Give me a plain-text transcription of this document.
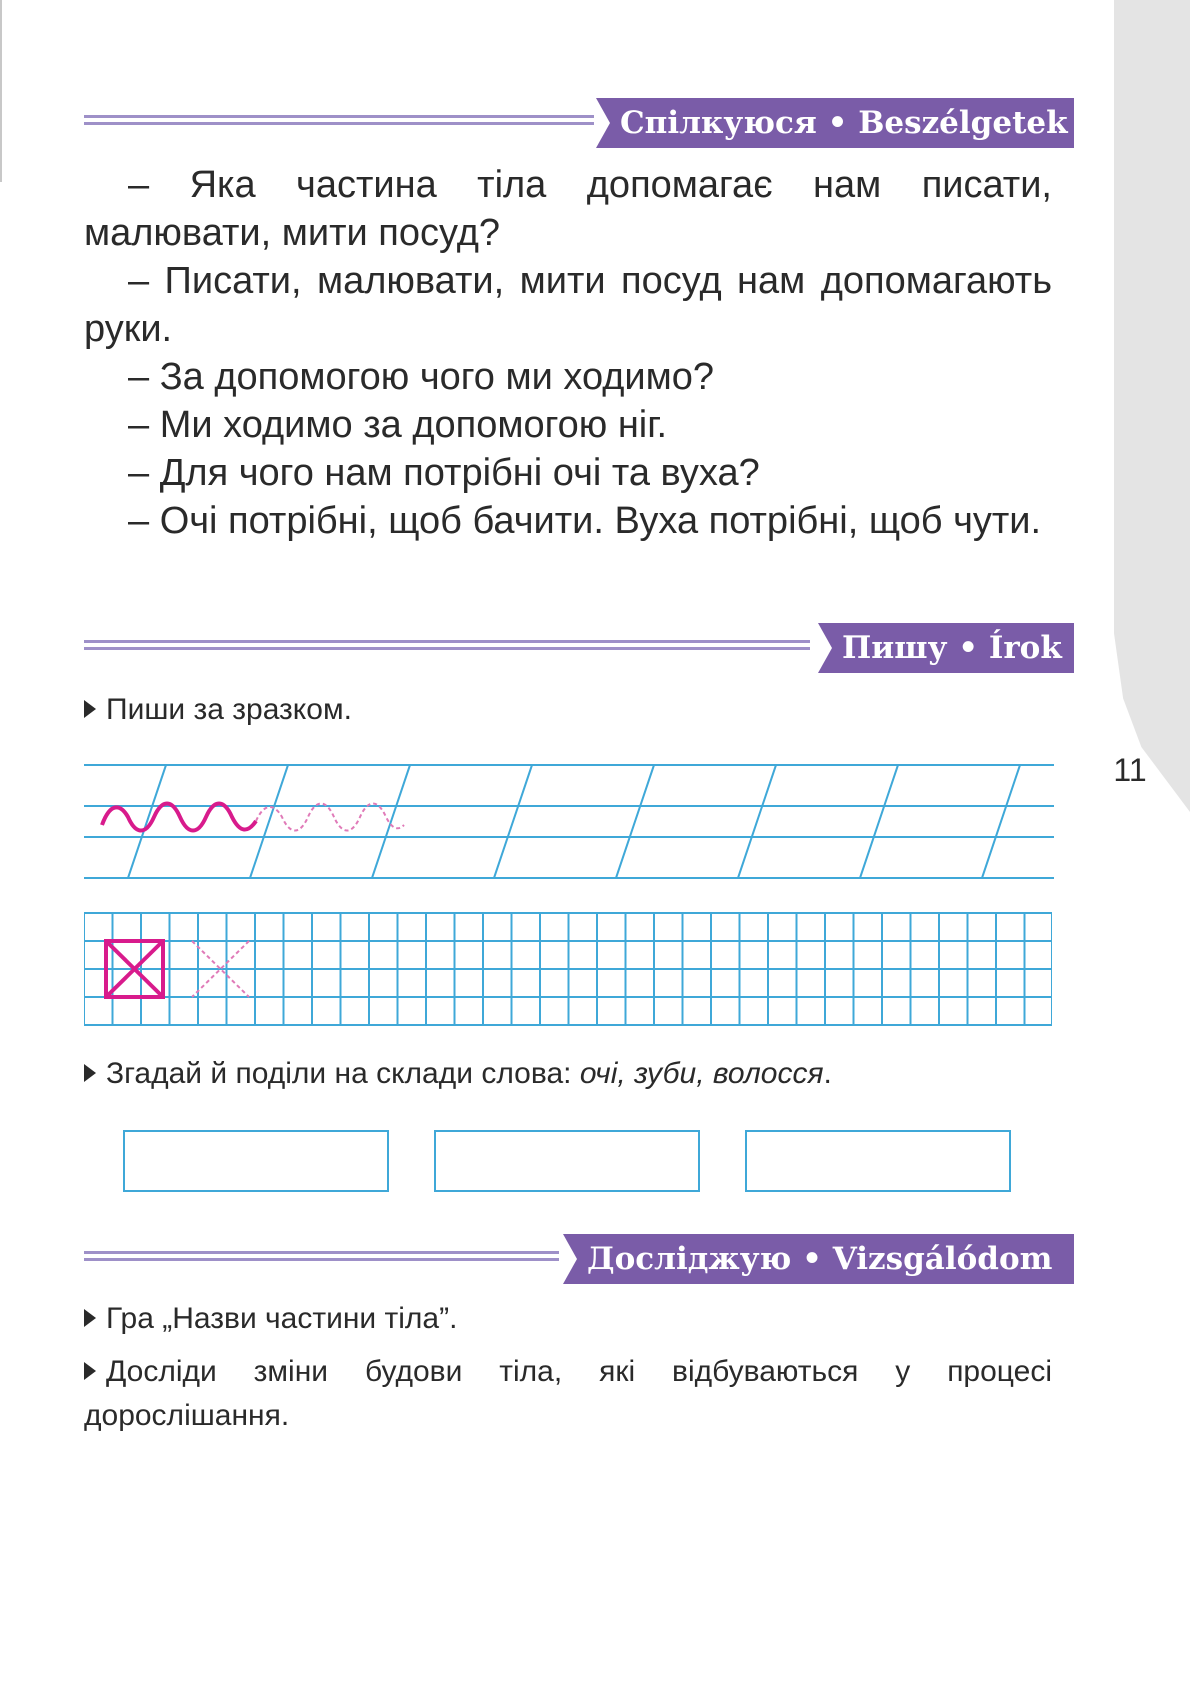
Спілкуюся • Beszélgetek

– Яка частина тіла допомагає нам писати, малювати, мити посуд?

– Писати, малювати, мити посуд нам допомагають руки.

– За допомогою чого ми ходимо?

– Ми ходимо за допомогою ніг.

– Для чого нам потрібні очі та вуха?

– Очі потрібні, щоб бачити. Вуха потрібні, щоб чути.

Пишу • Írok
Пиши за зразком.
Згадай й поділи на склади слова: очі, зуби, волосся.
Досліджую • Vizsgálódom
Гра „Назви частини тіла”.
Досліди зміни будови тіла, які відбуваються у процесі дорослішання.
11
